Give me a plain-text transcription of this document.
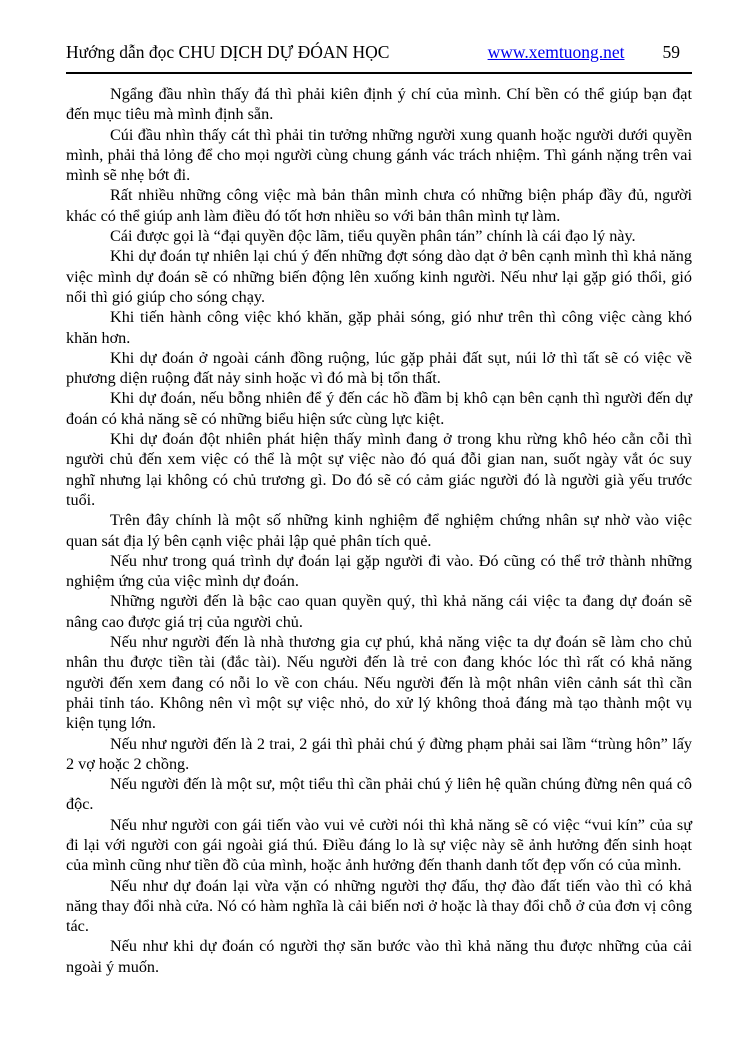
Hướng dẫn đọc CHU DỊCH DỰ ĐÓAN HỌC	www.xemtuong.net 59

Ngẩng đầu nhìn thấy đá thì phải kiên định ý chí của mình. Chí bền có thể giúp bạn đạt đến mục tiêu mà mình định sẵn.

Cúi đầu nhìn thấy cát thì phải tin tưởng những người xung quanh hoặc người dưới quyền mình, phải thả lỏng để cho mọi người cùng chung gánh vác trách nhiệm. Thì gánh nặng trên vai mình sẽ nhẹ bớt đi.

Rất nhiều những công việc mà bản thân mình chưa có những biện pháp đầy đủ, người khác có thể giúp anh làm điều đó tốt hơn nhiều so với bản thân mình tự làm.

Cái được gọi là “đại quyền độc lãm, tiểu quyền phân tán” chính là cái đạo lý này.

Khi dự đoán tự nhiên lại chú ý đến những đợt sóng dào dạt ở bên cạnh mình thì khả năng việc mình dự đoán sẽ có những biến động lên xuống kinh người. Nếu như lại gặp gió thổi, gió nổi thì gió giúp cho sóng chạy.

Khi tiến hành công việc khó khăn, gặp phải sóng, gió như trên thì công việc càng khó khăn hơn.

Khi dự đoán ở ngoài cánh đồng ruộng, lúc gặp phải đất sụt, núi lở thì tất sẽ có việc về phương diện ruộng đất nảy sinh hoặc vì đó mà bị tổn thất.

Khi dự đoán, nếu bỗng nhiên để ý đến các hồ đầm bị khô cạn bên cạnh thì người đến dự đoán có khả năng sẽ có những biểu hiện sức cùng lực kiệt.

Khi dự đoán đột nhiên phát hiện thấy mình đang ở trong khu rừng khô héo cằn cỗi thì người chủ đến xem việc có thể là một sự việc nào đó quá đỗi gian nan, suốt ngày vắt óc suy nghĩ nhưng lại không có chủ trương gì. Do đó sẽ có cảm giác người đó là người già yếu trước tuổi.

Trên đây chính là một số những kinh nghiệm để nghiệm chứng nhân sự nhờ vào việc quan sát địa lý bên cạnh việc phải lập quẻ phân tích quẻ.

Nếu như trong quá trình dự đoán lại gặp người đi vào. Đó cũng có thể trở thành những nghiệm ứng của việc mình dự đoán.

Những người đến là bậc cao quan quyền quý, thì khả năng cái việc ta đang dự đoán sẽ nâng cao được giá trị của người chủ.

Nếu như người đến là nhà thương gia cự phú, khả năng việc ta dự đoán sẽ làm cho chủ nhân thu được tiền tài (đắc tài). Nếu người đến là trẻ con đang khóc lóc thì rất có khả năng người đến xem đang có nỗi lo về con cháu. Nếu người đến là một nhân viên cảnh sát thì cần phải tỉnh táo. Không nên vì một sự việc nhỏ, do xử lý không thoả đáng mà tạo thành một vụ kiện tụng lớn.

Nếu như người đến là 2 trai, 2 gái thì phải chú ý đừng phạm phải sai lầm “trùng hôn” lấy 2 vợ hoặc 2 chồng.

Nếu người đến là một sư, một tiểu thì cần phải chú ý liên hệ quần chúng đừng nên quá cô độc.

Nếu như người con gái tiến vào vui vẻ cười nói thì khả năng sẽ có việc “vui kín” của sự đi lại với người con gái ngoài giá thú. Điều đáng lo là sự việc này sẽ ảnh hưởng đến sinh hoạt của mình cũng như tiền đồ của mình, hoặc ảnh hưởng đến thanh danh tốt đẹp vốn có của mình.

Nếu như dự đoán lại vừa vặn có những người thợ đấu, thợ đào đất tiến vào thì có khả năng thay đổi nhà cửa. Nó có hàm nghĩa là cải biến nơi ở hoặc là thay đổi chỗ ở của đơn vị công tác.

Nếu như khi dự đoán có người thợ săn bước vào thì khả năng thu được những của cải ngoài ý muốn.
